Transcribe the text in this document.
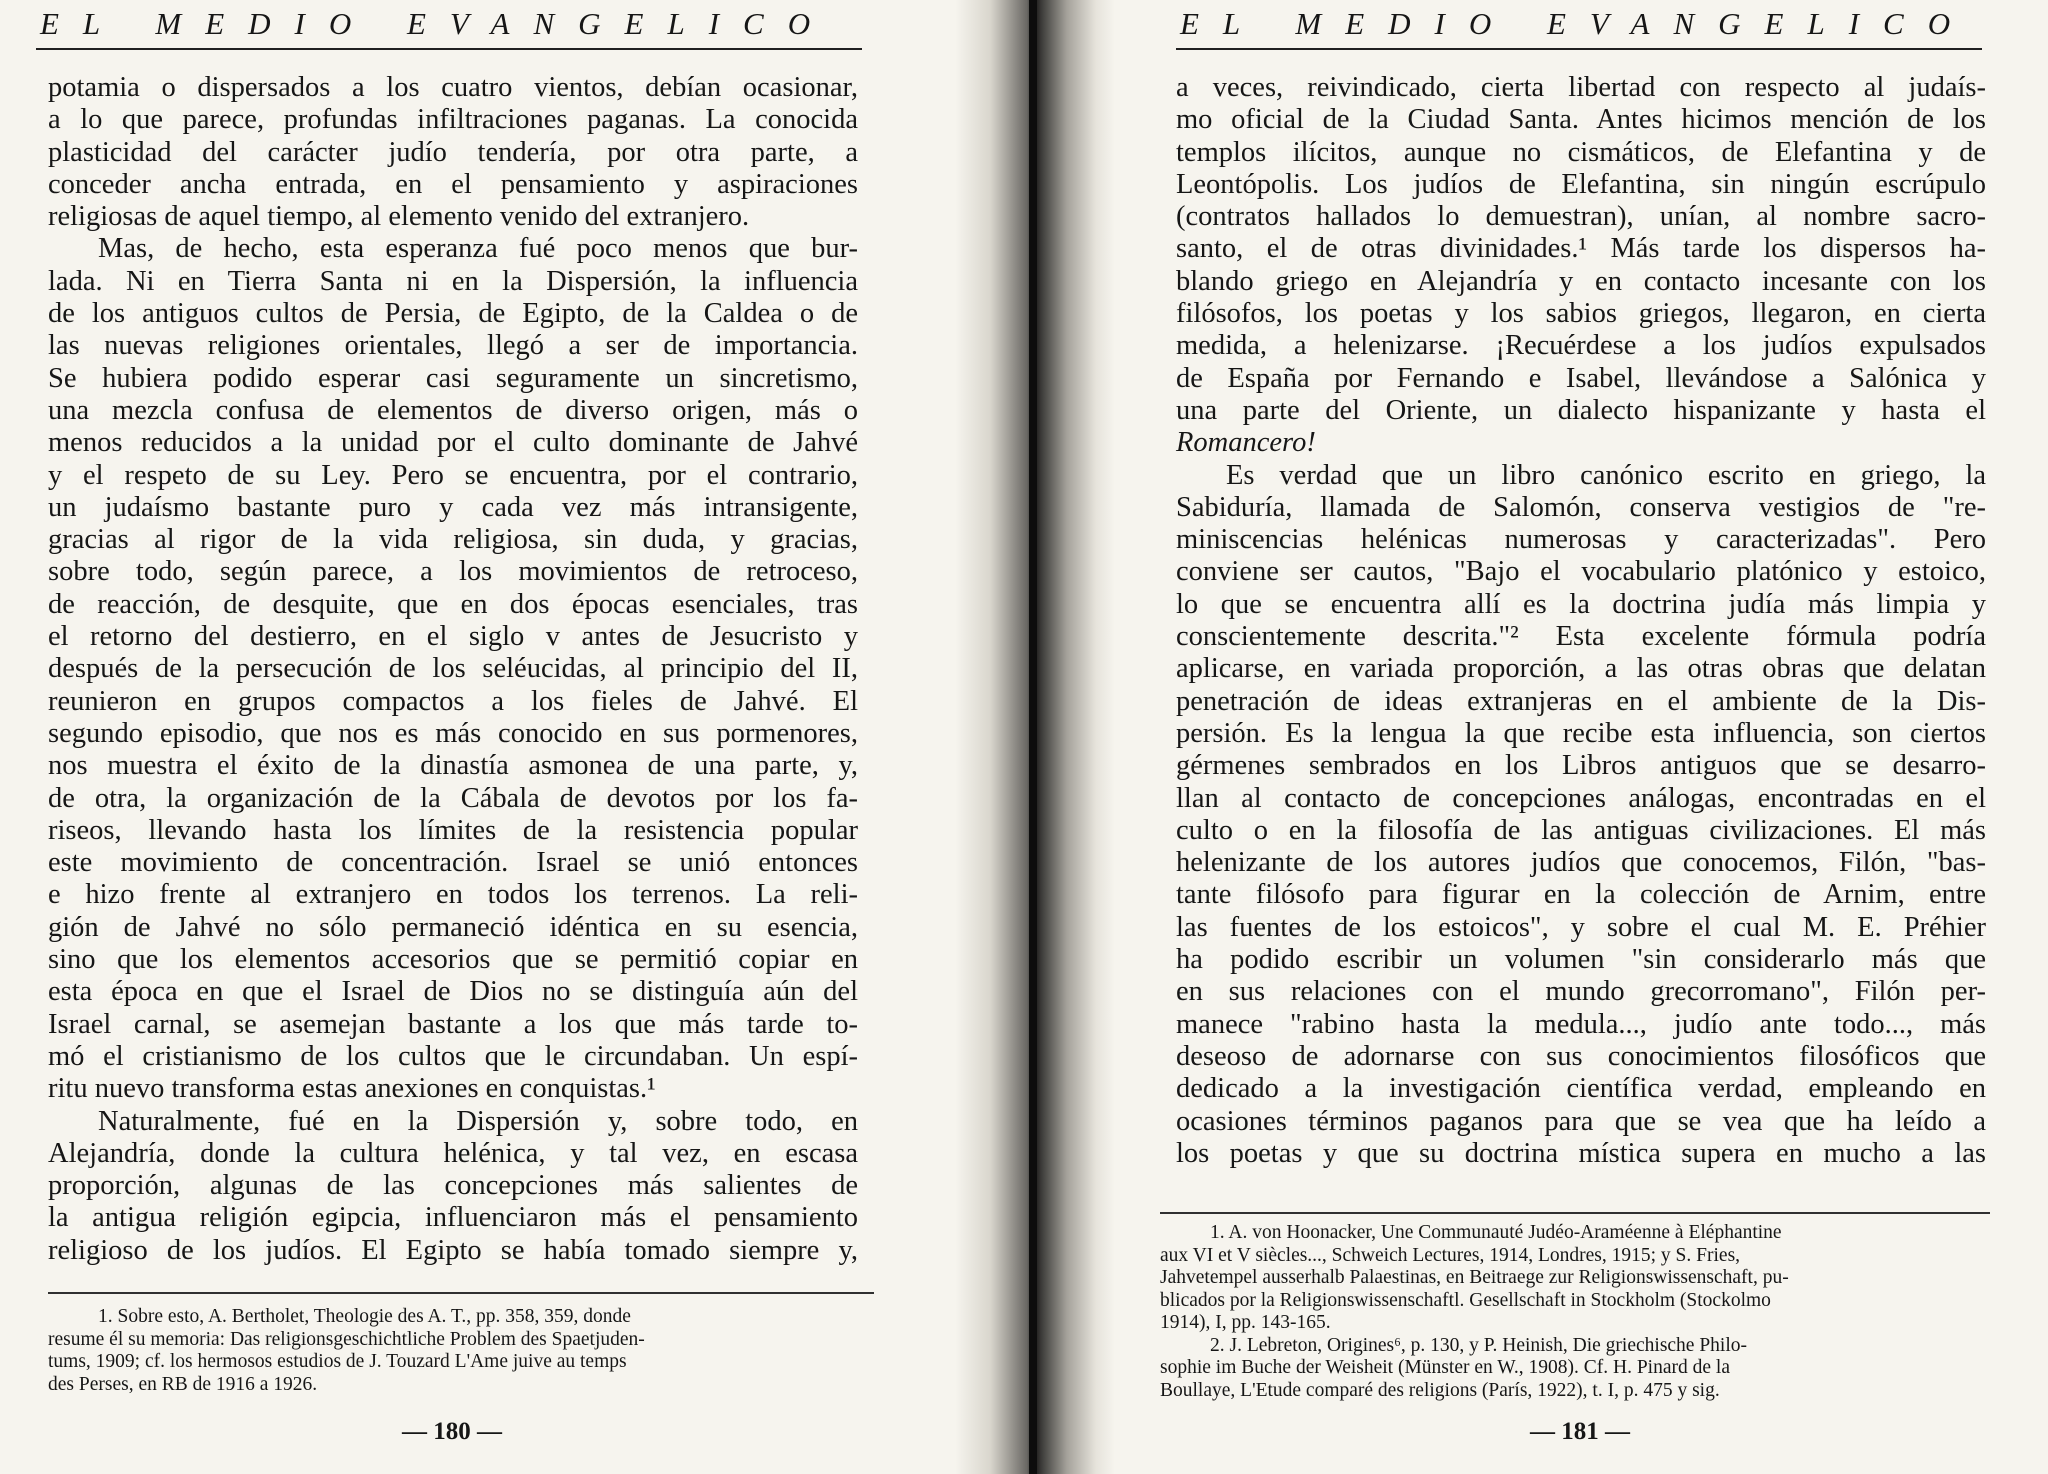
EL MEDIO EVANGELICO
potamia o dispersados a los cuatro vientos, debían ocasionar,
a lo que parece, profundas infiltraciones paganas. La conocida
plasticidad del carácter judío tendería, por otra parte, a
conceder ancha entrada, en el pensamiento y aspiraciones
religiosas de aquel tiempo, al elemento venido del extranjero.
Mas, de hecho, esta esperanza fué poco menos que bur-
lada. Ni en Tierra Santa ni en la Dispersión, la influencia
de los antiguos cultos de Persia, de Egipto, de la Caldea o de
las nuevas religiones orientales, llegó a ser de importancia.
Se hubiera podido esperar casi seguramente un sincretismo,
una mezcla confusa de elementos de diverso origen, más o
menos reducidos a la unidad por el culto dominante de Jahvé
y el respeto de su Ley. Pero se encuentra, por el contrario,
un judaísmo bastante puro y cada vez más intransigente,
gracias al rigor de la vida religiosa, sin duda, y gracias,
sobre todo, según parece, a los movimientos de retroceso,
de reacción, de desquite, que en dos épocas esenciales, tras
el retorno del destierro, en el siglo v antes de Jesucristo y
después de la persecución de los seléucidas, al principio del II,
reunieron en grupos compactos a los fieles de Jahvé. El
segundo episodio, que nos es más conocido en sus pormenores,
nos muestra el éxito de la dinastía asmonea de una parte, y,
de otra, la organización de la Cábala de devotos por los fa-
riseos, llevando hasta los límites de la resistencia popular
este movimiento de concentración. Israel se unió entonces
e hizo frente al extranjero en todos los terrenos. La reli-
gión de Jahvé no sólo permaneció idéntica en su esencia,
sino que los elementos accesorios que se permitió copiar en
esta época en que el Israel de Dios no se distinguía aún del
Israel carnal, se asemejan bastante a los que más tarde to-
mó el cristianismo de los cultos que le circundaban. Un espí-
ritu nuevo transforma estas anexiones en conquistas.¹
Naturalmente, fué en la Dispersión y, sobre todo, en
Alejandría, donde la cultura helénica, y tal vez, en escasa
proporción, algunas de las concepciones más salientes de
la antigua religión egipcia, influenciaron más el pensamiento
religioso de los judíos. El Egipto se había tomado siempre y,
1. Sobre esto, A. Bertholet, Theologie des A. T., pp. 358, 359, donde
resume él su memoria: Das religionsgeschichtliche Problem des Spaetjuden-
tums, 1909; cf. los hermosos estudios de J. Touzard L'Ame juive au temps
des Perses, en RB de 1916 a 1926.
— 180 —
EL MEDIO EVANGELICO
a veces, reivindicado, cierta libertad con respecto al judaís-
mo oficial de la Ciudad Santa. Antes hicimos mención de los
templos ilícitos, aunque no cismáticos, de Elefantina y de
Leontópolis. Los judíos de Elefantina, sin ningún escrúpulo
(contratos hallados lo demuestran), unían, al nombre sacro-
santo, el de otras divinidades.¹ Más tarde los dispersos ha-
blando griego en Alejandría y en contacto incesante con los
filósofos, los poetas y los sabios griegos, llegaron, en cierta
medida, a helenizarse. ¡Recuérdese a los judíos expulsados
de España por Fernando e Isabel, llevándose a Salónica y
una parte del Oriente, un dialecto hispanizante y hasta el
Romancero!
Es verdad que un libro canónico escrito en griego, la
Sabiduría, llamada de Salomón, conserva vestigios de "re-
miniscencias helénicas numerosas y caracterizadas". Pero
conviene ser cautos, "Bajo el vocabulario platónico y estoico,
lo que se encuentra allí es la doctrina judía más limpia y
conscientemente descrita."² Esta excelente fórmula podría
aplicarse, en variada proporción, a las otras obras que delatan
penetración de ideas extranjeras en el ambiente de la Dis-
persión. Es la lengua la que recibe esta influencia, son ciertos
gérmenes sembrados en los Libros antiguos que se desarro-
llan al contacto de concepciones análogas, encontradas en el
culto o en la filosofía de las antiguas civilizaciones. El más
helenizante de los autores judíos que conocemos, Filón, "bas-
tante filósofo para figurar en la colección de Arnim, entre
las fuentes de los estoicos", y sobre el cual M. E. Préhier
ha podido escribir un volumen "sin considerarlo más que
en sus relaciones con el mundo grecorromano", Filón per-
manece "rabino hasta la medula..., judío ante todo..., más
deseoso de adornarse con sus conocimientos filosóficos que
dedicado a la investigación científica verdad, empleando en
ocasiones términos paganos para que se vea que ha leído a
los poetas y que su doctrina mística supera en mucho a las
1. A. von Hoonacker, Une Communauté Judéo-Araméenne à Eléphantine
aux VI et V siècles..., Schweich Lectures, 1914, Londres, 1915; y S. Fries,
Jahvetempel ausserhalb Palaestinas, en Beitraege zur Religionswissenschaft, pu-
blicados por la Religionswissenschaftl. Gesellschaft in Stockholm (Stockolmo
1914), I, pp. 143-165.
2. J. Lebreton, Origines⁶, p. 130, y P. Heinish, Die griechische Philo-
sophie im Buche der Weisheit (Münster en W., 1908). Cf. H. Pinard de la
Boullaye, L'Etude comparé des religions (París, 1922), t. I, p. 475 y sig.
— 181 —
